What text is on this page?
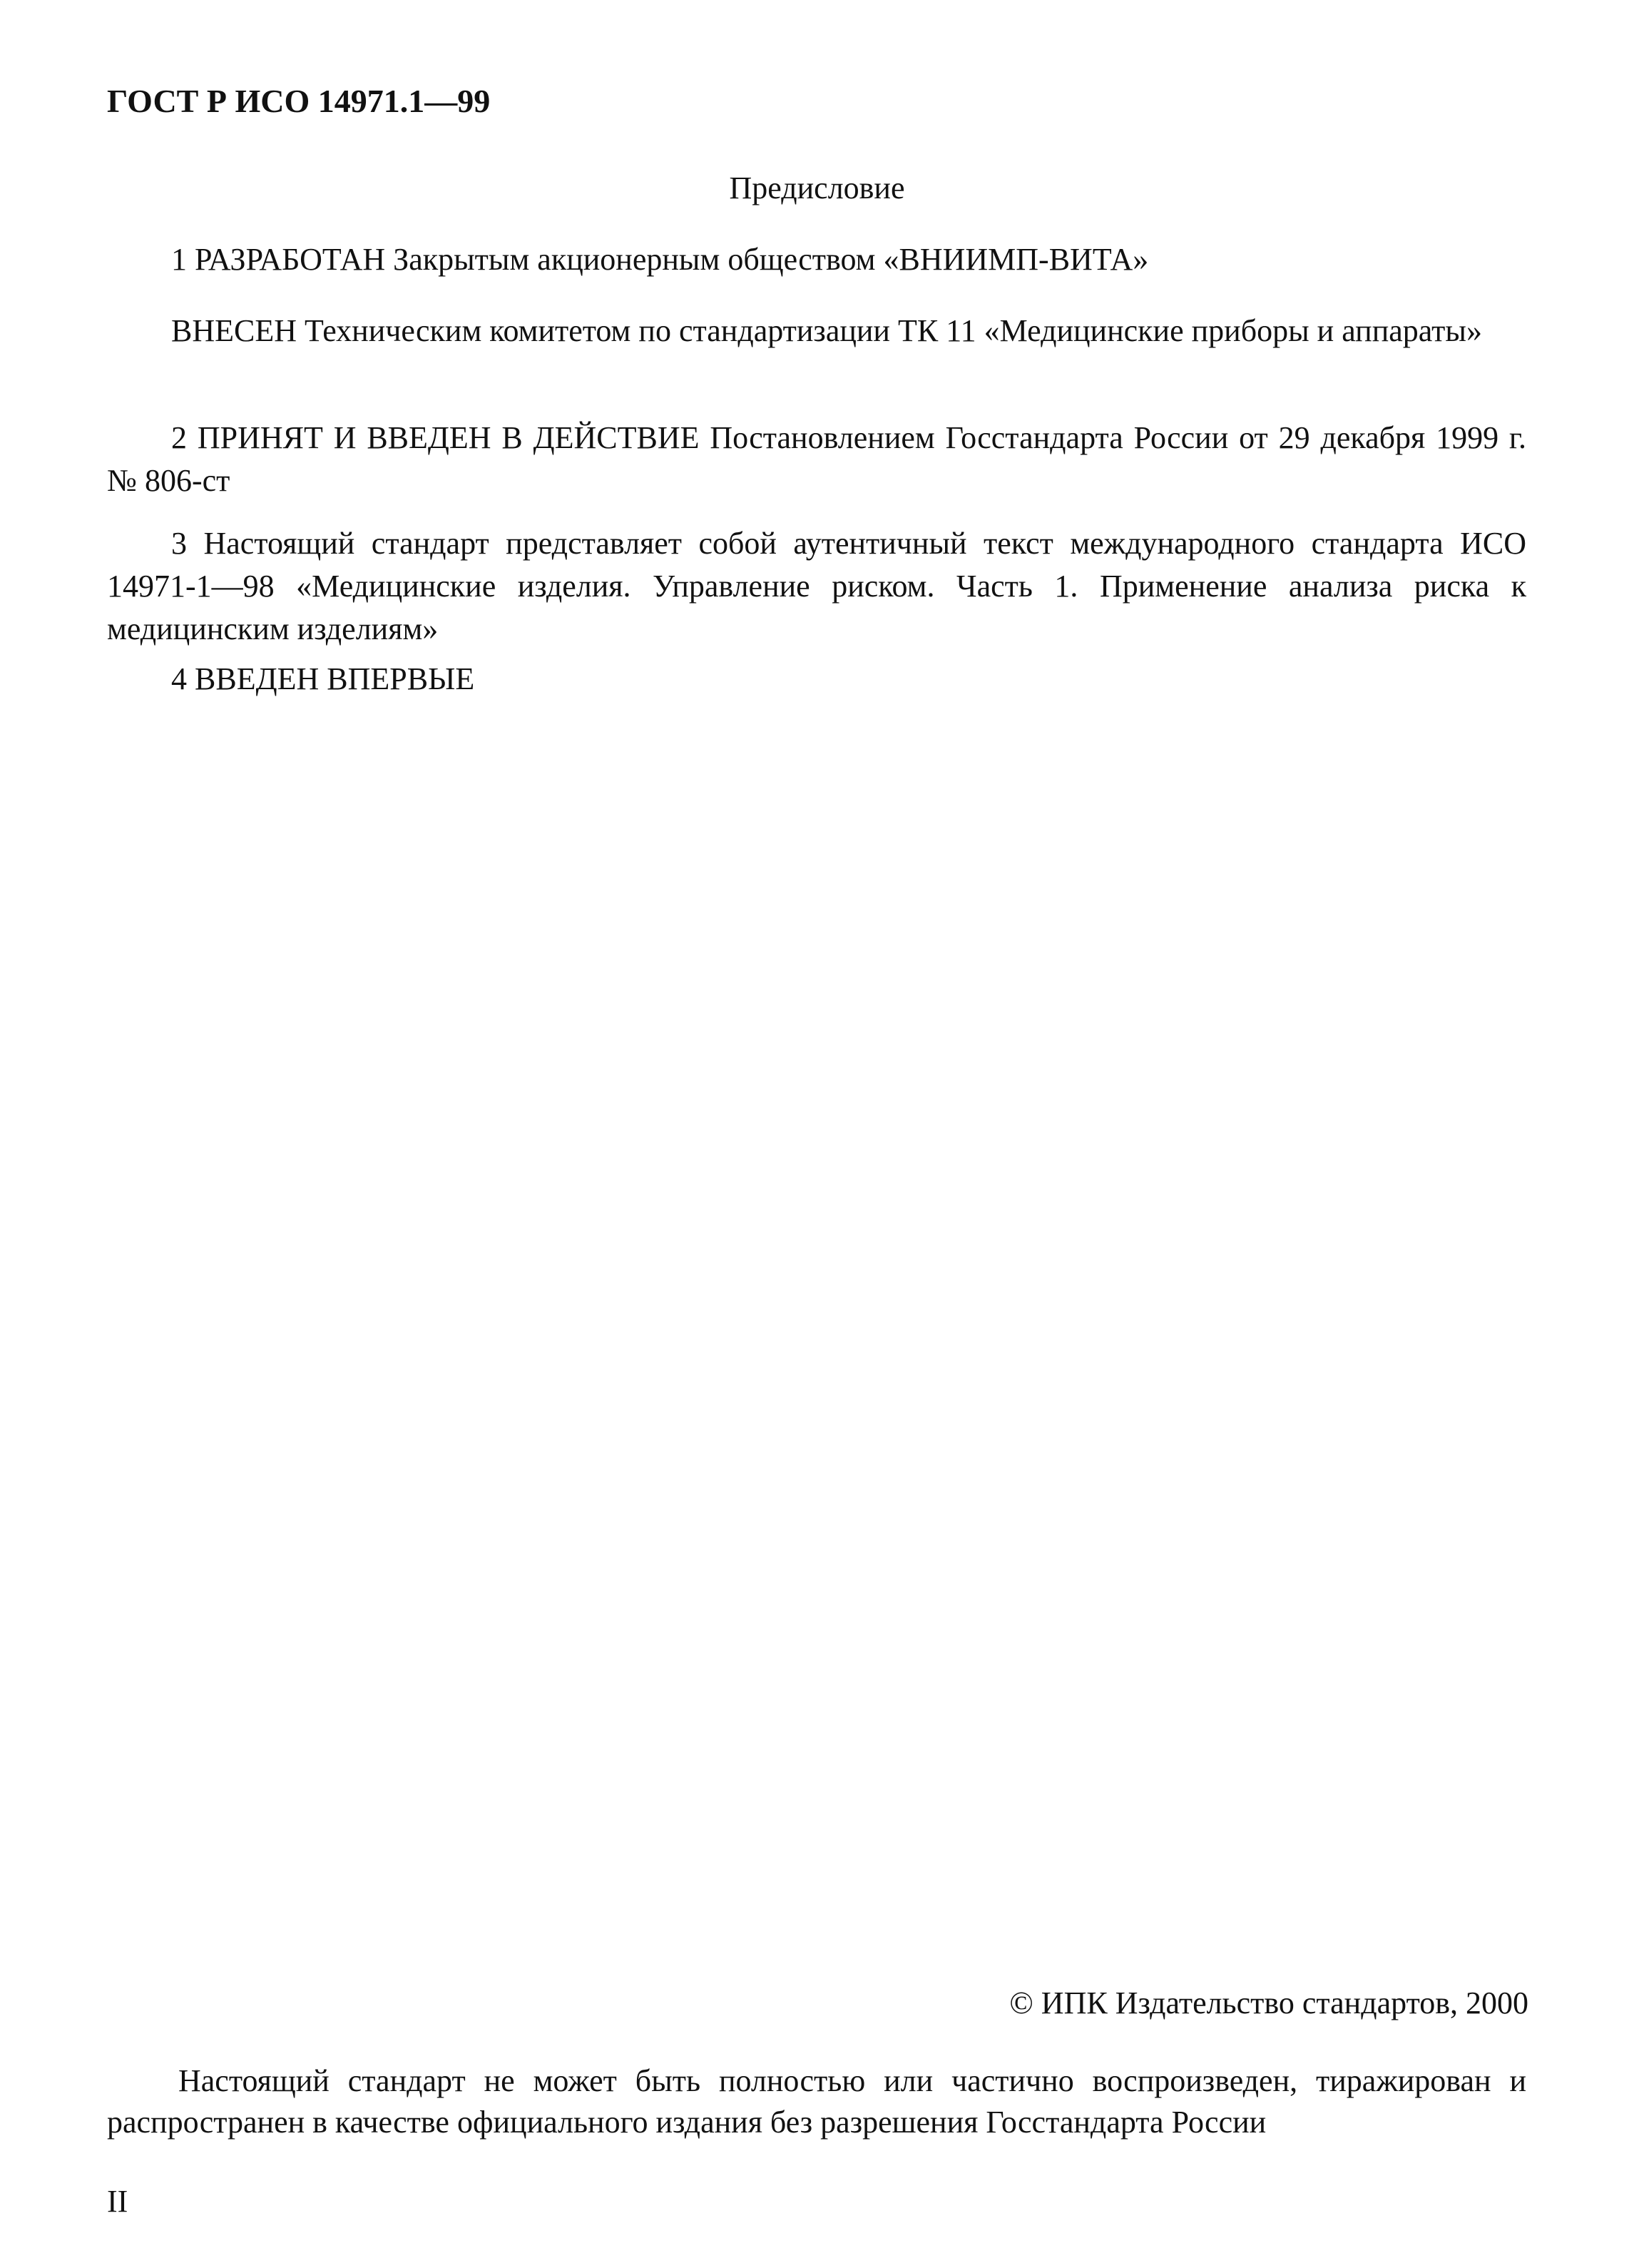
ГОСТ Р ИСО 14971.1—99
Предисловие
1 РАЗРАБОТАН Закрытым акционерным обществом «ВНИИМП-ВИТА»
ВНЕСЕН Техническим комитетом по стандартизации ТК 11 «Медицинские приборы и аппараты»
2 ПРИНЯТ И ВВЕДЕН В ДЕЙСТВИЕ Постановлением Госстандарта России от 29 декабря 1999 г. № 806-ст
3 Настоящий стандарт представляет собой аутентичный текст международного стандарта ИСО 14971-1—98 «Медицинские изделия. Управление риском. Часть 1. Применение анализа риска к медицинским изделиям»
4 ВВЕДЕН ВПЕРВЫЕ
© ИПК Издательство стандартов, 2000
Настоящий стандарт не может быть полностью или частично воспроизведен, тиражирован и распространен в качестве официального издания без разрешения Госстандарта России
II
